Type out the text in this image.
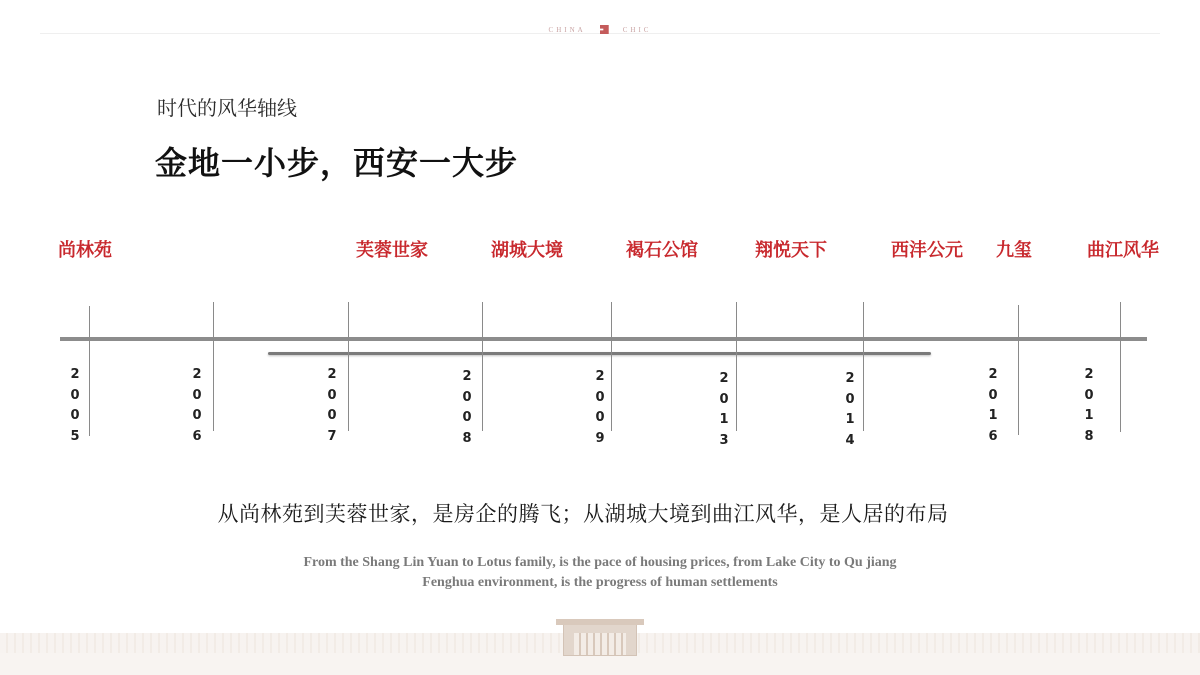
CHINA	CHIC
时代的风华轴线
金地一小步，西安一大步
尚林苑	芙蓉世家	湖城大境	褐石公馆	翔悦天下	西沣公元 九玺	曲江风华
2
0
0
5
2
0
0
6
2
0
0
7
2
0
0
8
2
0
0
9
2
0
1
3
2
0
1
4
2
0
1
6
2
0
1
8
从尚林苑到芙蓉世家，是房企的腾飞；从湖城大境到曲江风华，是人居的布局
From the Shang Lin Yuan to Lotus family, is the pace of housing prices, from Lake City to Qu jiang
Fenghua environment, is the progress of human settlements
